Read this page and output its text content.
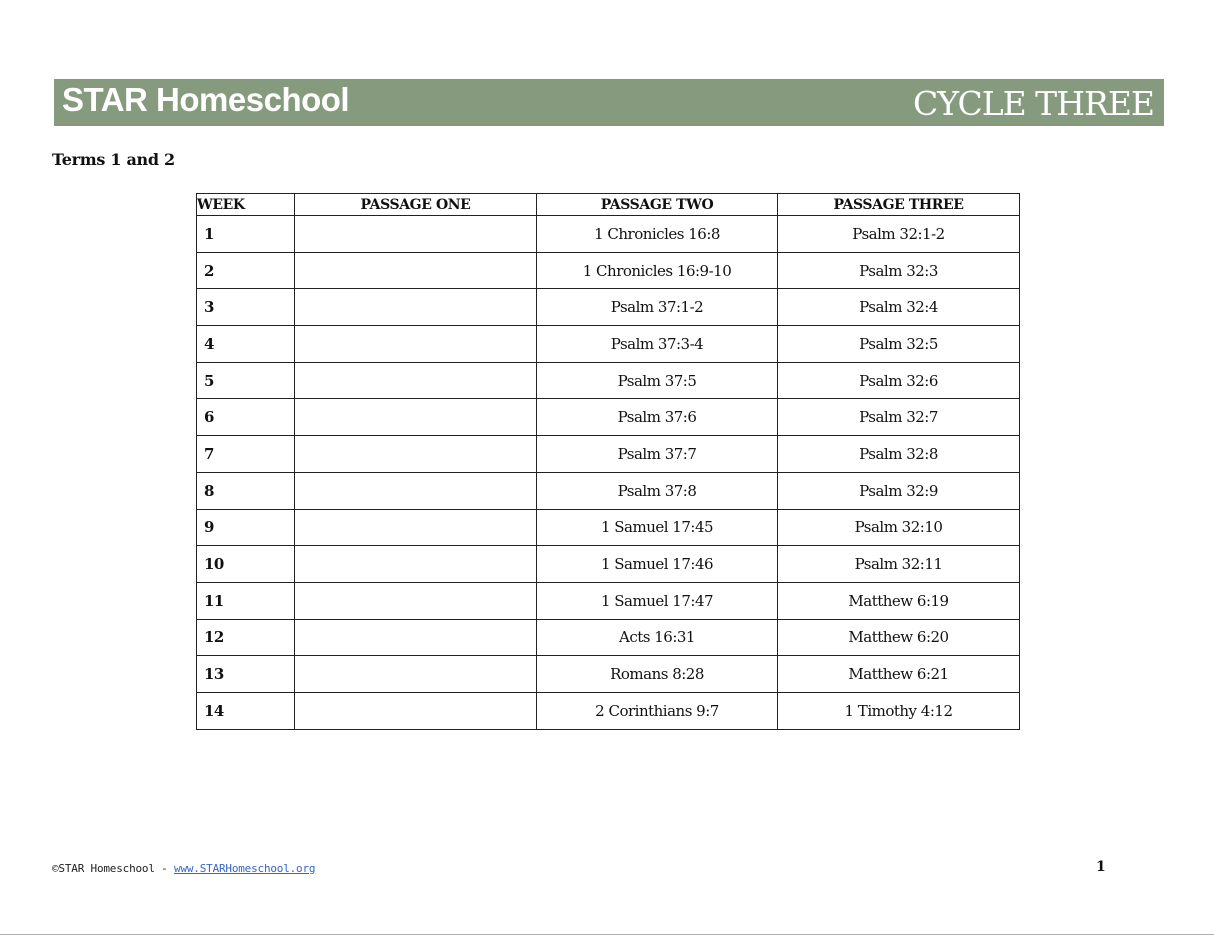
STAR Homeschool	CYCLE THREE
Terms 1 and 2
WEEK	PASSAGE ONE	PASSAGE TWO	PASSAGE THREE
1		1 Chronicles 16:8	Psalm 32:1-2
2		1 Chronicles 16:9-10	Psalm 32:3
3		Psalm 37:1-2	Psalm 32:4
4		Psalm 37:3-4	Psalm 32:5
5		Psalm 37:5	Psalm 32:6
6		Psalm 37:6	Psalm 32:7
7		Psalm 37:7	Psalm 32:8
8		Psalm 37:8	Psalm 32:9
9		1 Samuel 17:45	Psalm 32:10
10		1 Samuel 17:46	Psalm 32:11
11		1 Samuel 17:47	Matthew 6:19
12		Acts 16:31	Matthew 6:20
13		Romans 8:28	Matthew 6:21
14		2 Corinthians 9:7	1 Timothy 4:12
©STAR Homeschool - www.STARHomeschool.org	1
